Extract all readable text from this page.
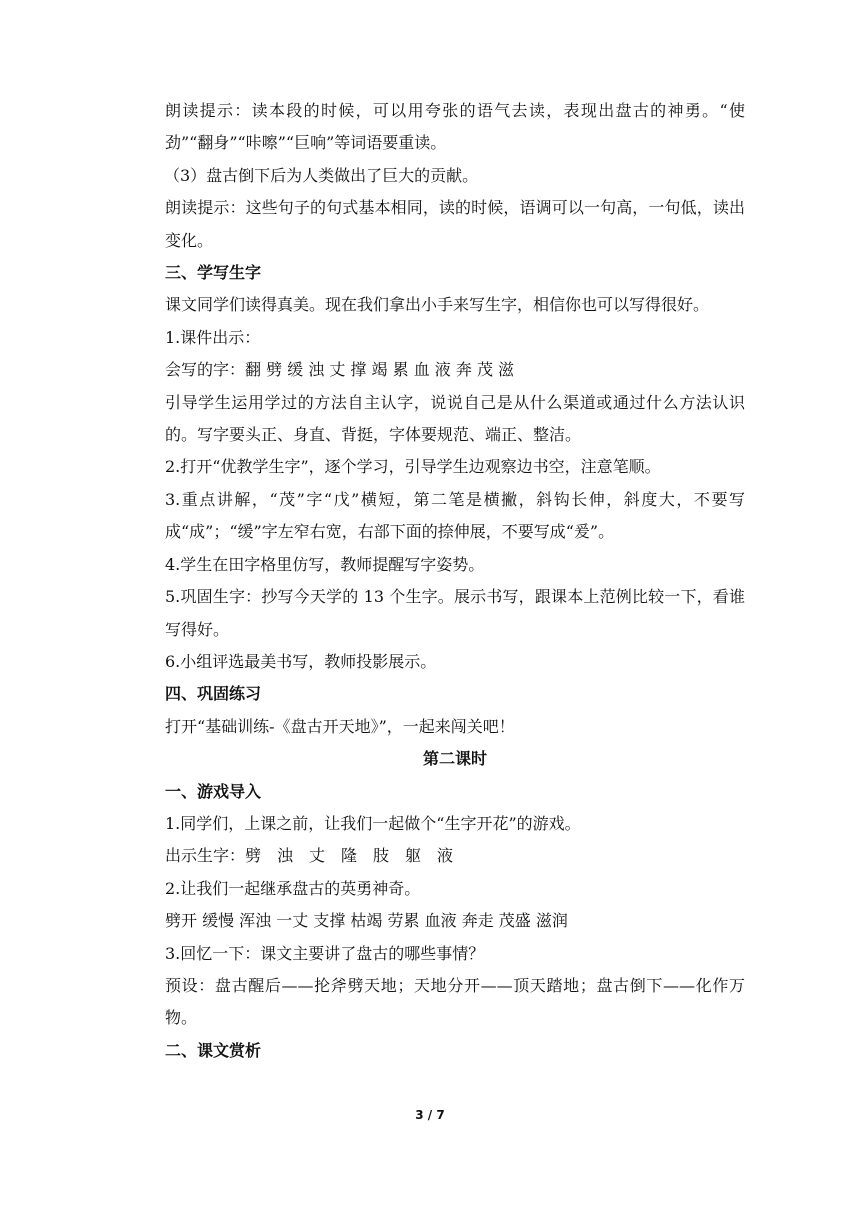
朗读提示：读本段的时候，可以用夸张的语气去读，表现出盘古的神勇。“使劲”“翻身”“咔嚓”“巨响”等词语要重读。

（3）盘古倒下后为人类做出了巨大的贡献。

朗读提示：这些句子的句式基本相同，读的时候，语调可以一句高，一句低，读出变化。

三、学写生字

课文同学们读得真美。现在我们拿出小手来写生字，相信你也可以写得很好。

1.课件出示：

会写的字：翻 劈 缓 浊 丈 撑 竭 累 血 液 奔 茂 滋

引导学生运用学过的方法自主认字，说说自己是从什么渠道或通过什么方法认识的。写字要头正、身直、背挺，字体要规范、端正、整洁。

2.打开“优教学生字”，逐个学习，引导学生边观察边书空，注意笔顺。

3.重点讲解，“茂”字“戊”横短，第二笔是横撇，斜钩长伸，斜度大，不要写成“成”；“缓”字左窄右宽，右部下面的捺伸展，不要写成“爰”。

4.学生在田字格里仿写，教师提醒写字姿势。

5.巩固生字：抄写今天学的 13 个生字。展示书写，跟课本上范例比较一下，看谁写得好。

6.小组评选最美书写，教师投影展示。

四、巩固练习

打开“基础训练-《盘古开天地》”，一起来闯关吧！

第二课时

一、游戏导入

1.同学们，上课之前，让我们一起做个“生字开花”的游戏。

出示生字：劈　浊　丈　隆　肢　躯　液

2.让我们一起继承盘古的英勇神奇。

劈开 缓慢 浑浊 一丈 支撑 枯竭 劳累 血液 奔走 茂盛 滋润

3.回忆一下：课文主要讲了盘古的哪些事情？

预设：盘古醒后——抡斧劈天地；天地分开——顶天踏地；盘古倒下——化作万物。

二、课文赏析

3 / 7
